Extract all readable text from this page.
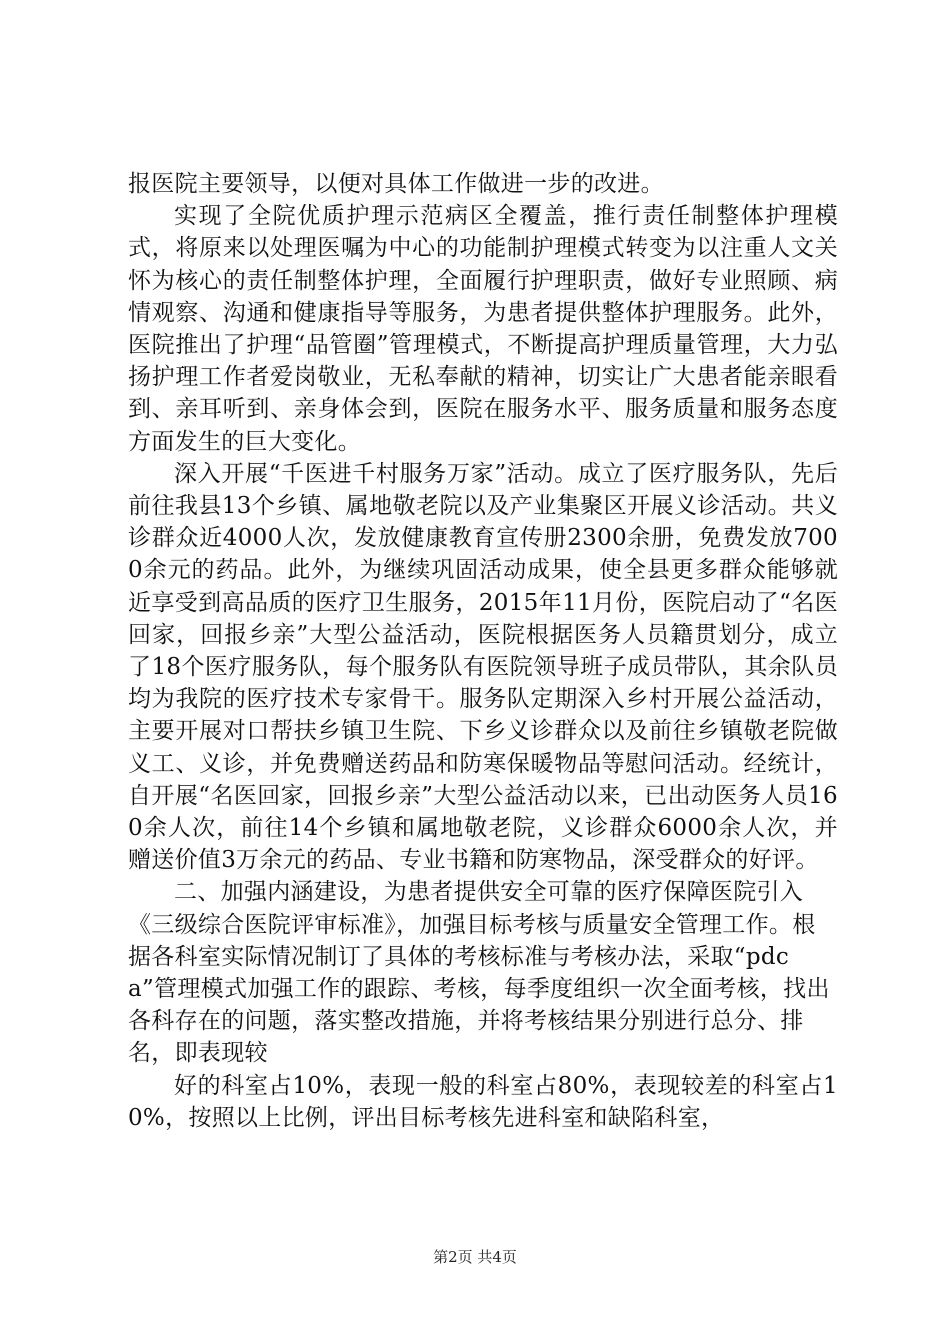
报医院主要领导，以便对具体工作做进一步的改进。

实现了全院优质护理示范病区全覆盖，推行责任制整体护理模式，将原来以处理医嘱为中心的功能制护理模式转变为以注重人文关怀为核心的责任制整体护理，全面履行护理职责，做好专业照顾、病情观察、沟通和健康指导等服务，为患者提供整体护理服务。此外，医院推出了护理“品管圈”管理模式，不断提高护理质量管理，大力弘扬护理工作者爱岗敬业，无私奉献的精神，切实让广大患者能亲眼看到、亲耳听到、亲身体会到，医院在服务水平、服务质量和服务态度方面发生的巨大变化。

深入开展“千医进千村服务万家”活动。成立了医疗服务队，先后前往我县13个乡镇、属地敬老院以及产业集聚区开展义诊活动。共义诊群众近4000人次，发放健康教育宣传册2300余册，免费发放7000余元的药品。此外，为继续巩固活动成果，使全县更多群众能够就近享受到高品质的医疗卫生服务，2015年11月份，医院启动了“名医回家，回报乡亲”大型公益活动，医院根据医务人员籍贯划分，成立了18个医疗服务队，每个服务队有医院领导班子成员带队，其余队员均为我院的医疗技术专家骨干。服务队定期深入乡村开展公益活动，主要开展对口帮扶乡镇卫生院、下乡义诊群众以及前往乡镇敬老院做义工、义诊，并免费赠送药品和防寒保暖物品等慰问活动。经统计，自开展“名医回家，回报乡亲”大型公益活动以来，已出动医务人员160余人次，前往14个乡镇和属地敬老院，义诊群众6000余人次，并赠送价值3万余元的药品、专业书籍和防寒物品，深受群众的好评。

二、加强内涵建设，为患者提供安全可靠的医疗保障医院引入《三级综合医院评审标准》，加强目标考核与质量安全管理工作。根据各科室实际情况制订了具体的考核标准与考核办法，采取“pdca”管理模式加强工作的跟踪、考核，每季度组织一次全面考核，找出各科存在的问题，落实整改措施，并将考核结果分别进行总分、排名，即表现较

好的科室占10%，表现一般的科室占80%，表现较差的科室占10%，按照以上比例，评出目标考核先进科室和缺陷科室，

第2页 共4页
